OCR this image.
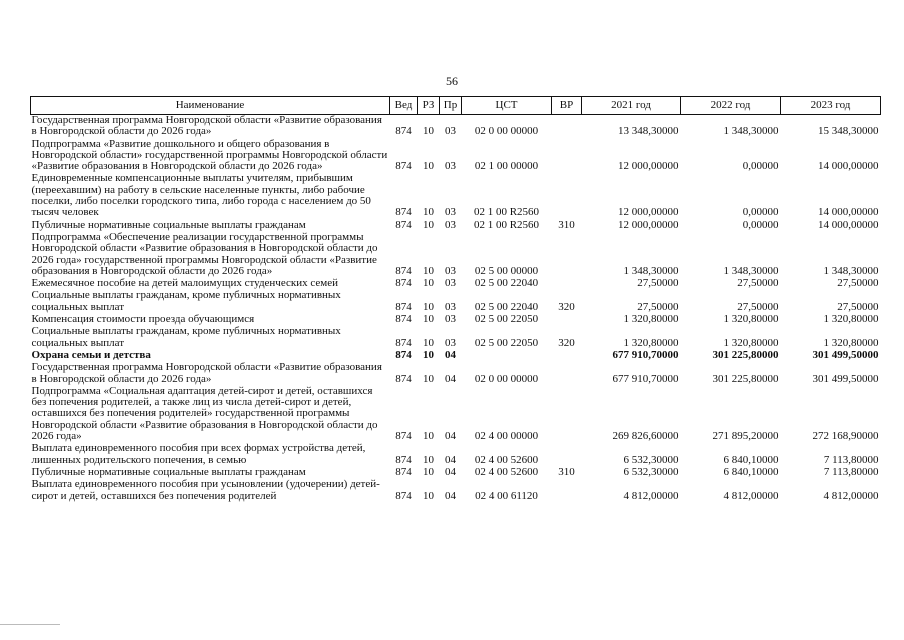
56
Наименование	Вед	РЗ	Пр	ЦСТ	ВР	2021 год	2022 год	2023 год
Государственная программа Новгородской области «Развитие образования в Новгородской области до 2026 года»	874	10	03	02 0 00 00000		13 348,30000	1 348,30000	15 348,30000
Подпрограмма «Развитие дошкольного и общего образования в Новгородской области» государственной программы Новгородской области «Развитие образования в Новгородской области до 2026 года»	874	10	03	02 1 00 00000		12 000,00000	0,00000	14 000,00000
Единовременные компенсационные выплаты учителям, прибывшим (переехавшим) на работу в сельские населенные пункты, либо рабочие поселки, либо поселки городского типа, либо города с населением до 50 тысяч человек	874	10	03	02 1 00 R2560		12 000,00000	0,00000	14 000,00000
Публичные нормативные социальные выплаты гражданам	874	10	03	02 1 00 R2560	310	12 000,00000	0,00000	14 000,00000
Подпрограмма «Обеспечение реализации государственной программы Новгородской области «Развитие образования в Новгородской области до 2026 года» государственной программы Новгородской области «Развитие образования в Новгородской области до 2026 года»	874	10	03	02 5 00 00000		1 348,30000	1 348,30000	1 348,30000
Ежемесячное пособие на детей малоимущих студенческих семей	874	10	03	02 5 00 22040		27,50000	27,50000	27,50000
Социальные выплаты гражданам, кроме публичных нормативных социальных выплат	874	10	03	02 5 00 22040	320	27,50000	27,50000	27,50000
Компенсация стоимости проезда обучающимся	874	10	03	02 5 00 22050		1 320,80000	1 320,80000	1 320,80000
Социальные выплаты гражданам, кроме публичных нормативных социальных выплат	874	10	03	02 5 00 22050	320	1 320,80000	1 320,80000	1 320,80000
Охрана семьи и детства	874	10	04			677 910,70000	301 225,80000	301 499,50000
Государственная программа Новгородской области «Развитие образования в Новгородской области до 2026 года»	874	10	04	02 0 00 00000		677 910,70000	301 225,80000	301 499,50000
Подпрограмма «Социальная адаптация детей-сирот и детей, оставшихся без попечения родителей, а также лиц из числа детей-сирот и детей, оставшихся без попечения родителей» государственной программы Новгородской области «Развитие образования в Новгородской области до 2026 года»	874	10	04	02 4 00 00000		269 826,60000	271 895,20000	272 168,90000
Выплата единовременного пособия при всех формах устройства детей, лишенных родительского попечения, в семью	874	10	04	02 4 00 52600		6 532,30000	6 840,10000	7 113,80000
Публичные нормативные социальные выплаты гражданам	874	10	04	02 4 00 52600	310	6 532,30000	6 840,10000	7 113,80000
Выплата единовременного пособия при усыновлении (удочерении) детей-сирот и детей, оставшихся без попечения родителей	874	10	04	02 4 00 61120		4 812,00000	4 812,00000	4 812,00000
